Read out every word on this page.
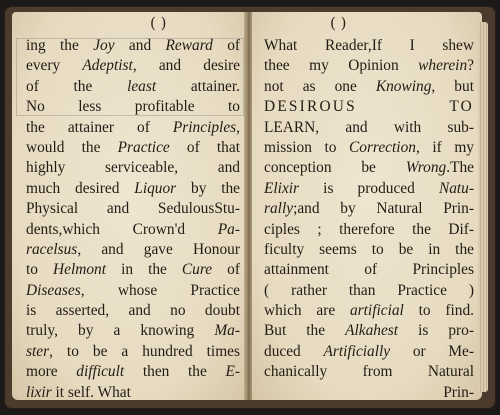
( )
ing the Joy and Reward of
every Adeptist, and desire
of the least attainer.
No less profitable to
the attainer of Principles,
would the Practice of that
highly serviceable, and
much desired Liquor by the
Physical and SedulousStu-
dents,which Crown'd Pa-
racelsus, and gave Honour
to Helmont in the Cure of
Diseases, whose Practice
is asserted, and no doubt
truly, by a knowing Ma-
ster, to be a hundred times
more difficult then the E-
lixir it self. What
( )
What Reader,If I shew
thee my Opinion wherein?
not as one Knowing, but
DESIROUS TO
LEARN, and with sub-
mission to Correction, if my
conception be Wrong.The
Elixir is produced Natu-
rally;and by Natural Prin-
ciples ; therefore the Dif-
ficulty seems to be in the
attainment of Principles
( rather than Practice )
which are artificial to find.
But the Alkahest is pro-
duced Artificially or Me-
chanically from Natural
Prin-
